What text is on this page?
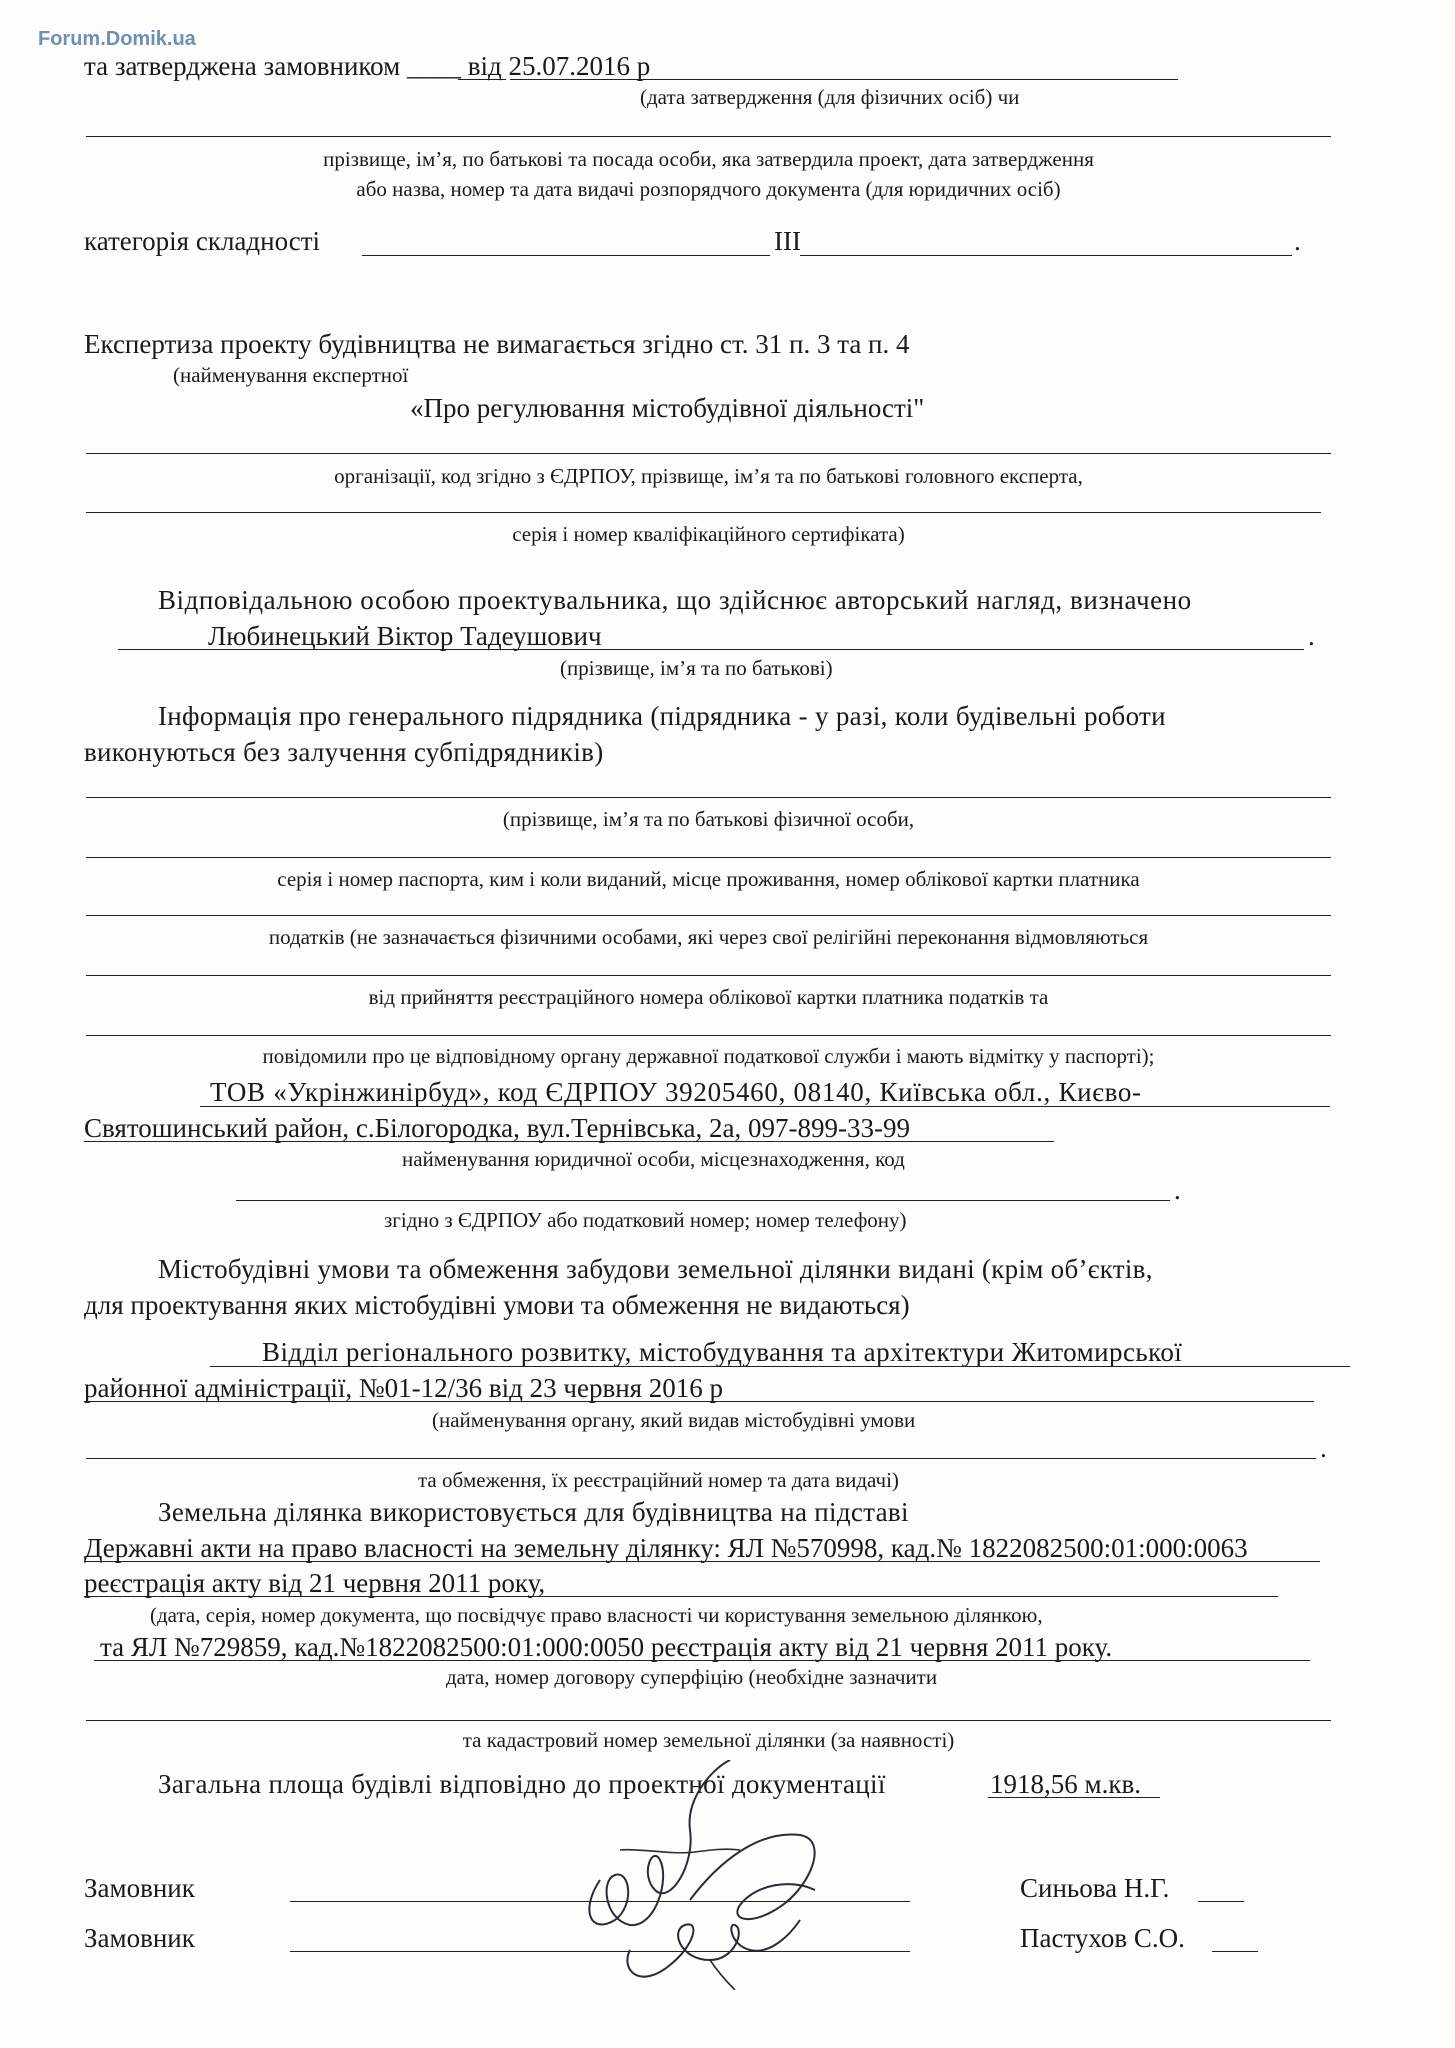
Forum.Domik.ua
та затверджена замовником ____ від 25.07.2016 р
(дата затвердження (для фізичних осіб) чи
прізвище, ім’я, по батькові та посада особи, яка затвердила проект, дата затвердження
або назва, номер та дата видачі розпорядчого документа (для юридичних осіб)
категорія складності	III	.
Експертиза проекту будівництва не вимагається згідно ст. 31 п. 3 та п. 4
(найменування експертної
«Про регулювання містобудівної діяльності"
організації, код згідно з ЄДРПОУ, прізвище, ім’я та по батькові головного експерта,
серія і номер кваліфікаційного сертифіката)
Відповідальною особою проектувальника, що здійснює авторський нагляд, визначено
Любинецький Віктор Тадеушович	.
(прізвище, ім’я та по батькові)
Інформація про генерального підрядника (підрядника - у разі, коли будівельні роботи
виконуються без залучення субпідрядників)
(прізвище, ім’я та по батькові фізичної особи,
серія і номер паспорта, ким і коли виданий, місце проживання, номер облікової картки платника
податків (не зазначається фізичними особами, які через свої релігійні переконання відмовляються
від прийняття реєстраційного номера облікової картки платника податків та
повідомили про це відповідному органу державної податкової служби і мають відмітку у паспорті);
ТОВ «Укрінжинірбуд», код ЄДРПОУ 39205460, 08140, Київська обл., Києво-
Святошинський район, с.Білогородка, вул.Тернівська, 2а, 097-899-33-99
найменування юридичної особи, місцезнаходження, код
.
згідно з ЄДРПОУ або податковий номер; номер телефону)
Містобудівні умови та обмеження забудови земельної ділянки видані (крім об’єктів,
для проектування яких містобудівні умови та обмеження не видаються)
Відділ регіонального розвитку, містобудування та архітектури Житомирської
районної адміністрації, №01-12/36 від 23 червня 2016 р
(найменування органу, який видав містобудівні умови
.
та обмеження, їх реєстраційний номер та дата видачі)
Земельна ділянка використовується для будівництва на підставі
Державні акти на право власності на земельну ділянку: ЯЛ №570998, кад.№ 1822082500:01:000:0063
реєстрація акту від 21 червня 2011 року,
(дата, серія, номер документа, що посвідчує право власності чи користування земельною ділянкою,
та ЯЛ №729859, кад.№1822082500:01:000:0050 реєстрація акту від 21 червня 2011 року.
дата, номер договору суперфіцію (необхідне зазначити
та кадастровий номер земельної ділянки (за наявності)
Загальна площа будівлі відповідно до проектної документації	1918,56 м.кв.
Замовник	Синьова Н.Г.
Замовник	Пастухов С.О.
